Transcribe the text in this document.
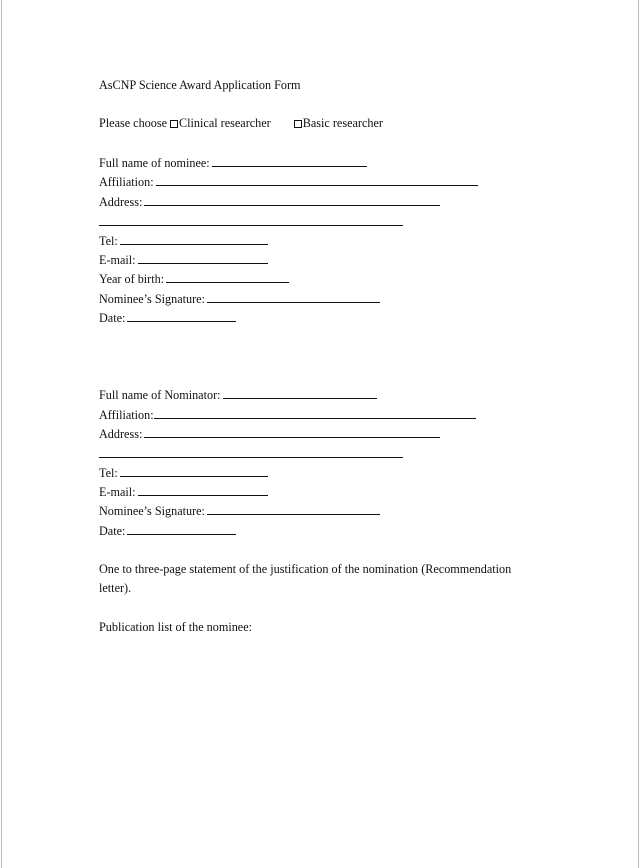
AsCNP Science Award Application Form
Please choose Clinical researcher	Basic researcher
Full name of nominee:
Affiliation:
Address:
Tel:
E-mail:
Year of birth:
Nominee’s Signature:
Date:
Full name of Nominator:
Affiliation:
Address:
Tel:
E-mail:
Nominee’s Signature:
Date:
One to three-page statement of the justification of the nomination (Recommendation
letter).
Publication list of the nominee:
